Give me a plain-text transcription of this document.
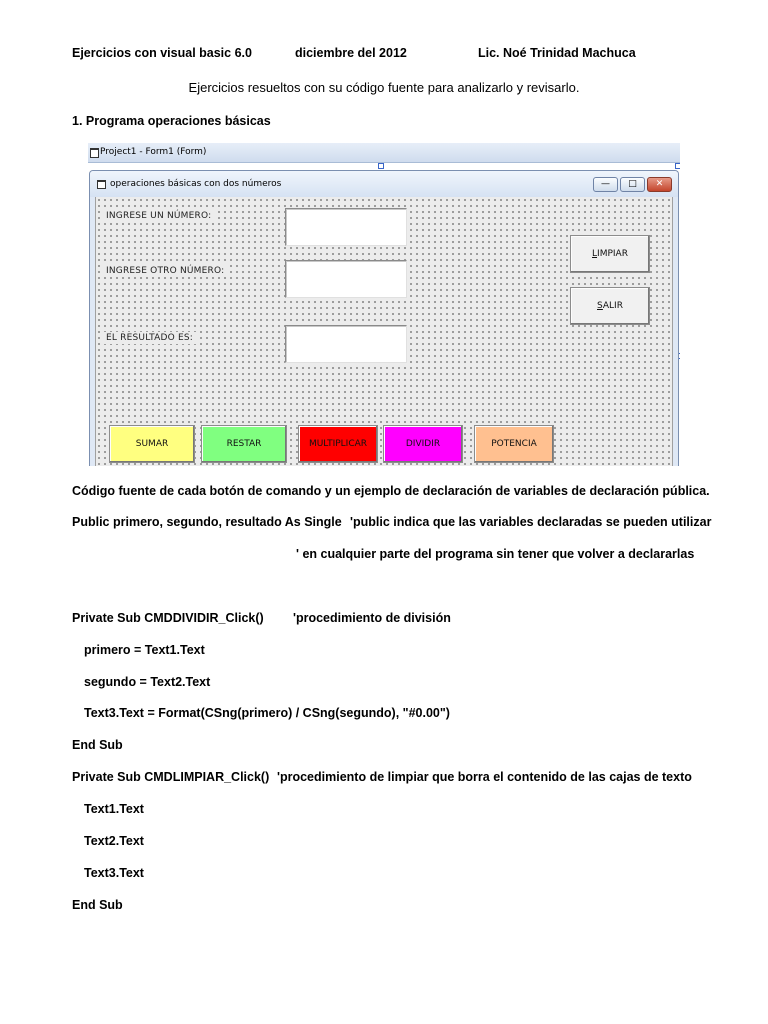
Ejercicios con visual basic 6.0	diciembre del 2012	Lic. Noé Trinidad Machuca
Ejercicios resueltos con su código fuente para analizarlo y revisarlo.
1. Programa operaciones básicas
Project1 - Form1 (Form)
operaciones básicas con dos números	—	□	✕
INGRESE UN NÚMERO:
INGRESE OTRO NÚMERO:
EL RESULTADO ES:
LIMPIAR
SALIR
SUMAR	RESTAR	MULTIPLICAR	DIVIDIR	POTENCIA
Código fuente de cada botón de comando y un ejemplo de declaración de variables de declaración pública.
Public primero, segundo, resultado As Single 'public indica que las variables declaradas se pueden utilizar
' en cualquier parte del programa sin tener que volver a declararlas
Private Sub CMDDIVIDIR_Click() 'procedimiento de división
primero = Text1.Text
segundo = Text2.Text
Text3.Text = Format(CSng(primero) / CSng(segundo), "#0.00")
End Sub
Private Sub CMDLIMPIAR_Click() 'procedimiento de limpiar que borra el contenido de las cajas de texto
Text1.Text
Text2.Text
Text3.Text
End Sub
